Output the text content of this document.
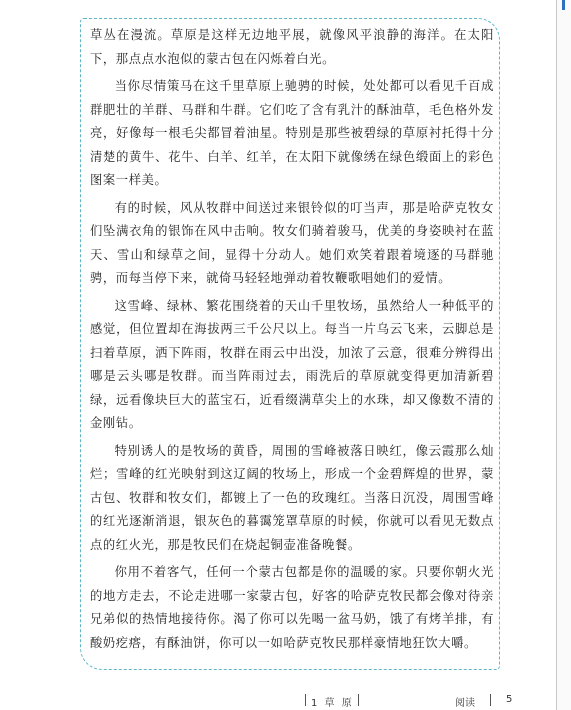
草丛在漫流。草原是这样无边地平展，就像风平浪静的海洋。在太阳下，那点点水泡似的蒙古包在闪烁着白光。

当你尽情策马在这千里草原上驰骋的时候，处处都可以看见千百成群肥壮的羊群、马群和牛群。它们吃了含有乳汁的酥油草，毛色格外发亮，好像每一根毛尖都冒着油星。特别是那些被碧绿的草原衬托得十分清楚的黄牛、花牛、白羊、红羊，在太阳下就像绣在绿色缎面上的彩色图案一样美。

有的时候，风从牧群中间送过来银铃似的叮当声，那是哈萨克牧女们坠满衣角的银饰在风中击响。牧女们骑着骏马，优美的身姿映衬在蓝天、雪山和绿草之间，显得十分动人。她们欢笑着跟着境逐的马群驰骋，而每当停下来，就倚马轻轻地弹动着牧鞭歌唱她们的爱情。

这雪峰、绿林、繁花围绕着的天山千里牧场，虽然给人一种低平的感觉，但位置却在海拔两三千公尺以上。每当一片乌云飞来，云脚总是扫着草原，洒下阵雨，牧群在雨云中出没，加浓了云意，很难分辨得出哪是云头哪是牧群。而当阵雨过去，雨洗后的草原就变得更加清新碧绿，远看像块巨大的蓝宝石，近看缀满草尖上的水珠，却又像数不清的金刚钻。

特别诱人的是牧场的黄昏，周围的雪峰被落日映红，像云霞那么灿烂；雪峰的红光映射到这辽阔的牧场上，形成一个金碧辉煌的世界，蒙古包、牧群和牧女们，都镀上了一色的玫瑰红。当落日沉没，周围雪峰的红光逐渐消退，银灰色的暮霭笼罩草原的时候，你就可以看见无数点点的红火光，那是牧民们在烧起铜壶准备晚餐。

你用不着客气，任何一个蒙古包都是你的温暖的家。只要你朝火光的地方走去，不论走进哪一家蒙古包，好客的哈萨克牧民都会像对待亲兄弟似的热情地接待你。渴了你可以先喝一盆马奶，饿了有烤羊排，有酸奶疙瘩，有酥油饼，你可以一如哈萨克牧民那样豪情地狂饮大嚼。

1 草 原	阅读	5
